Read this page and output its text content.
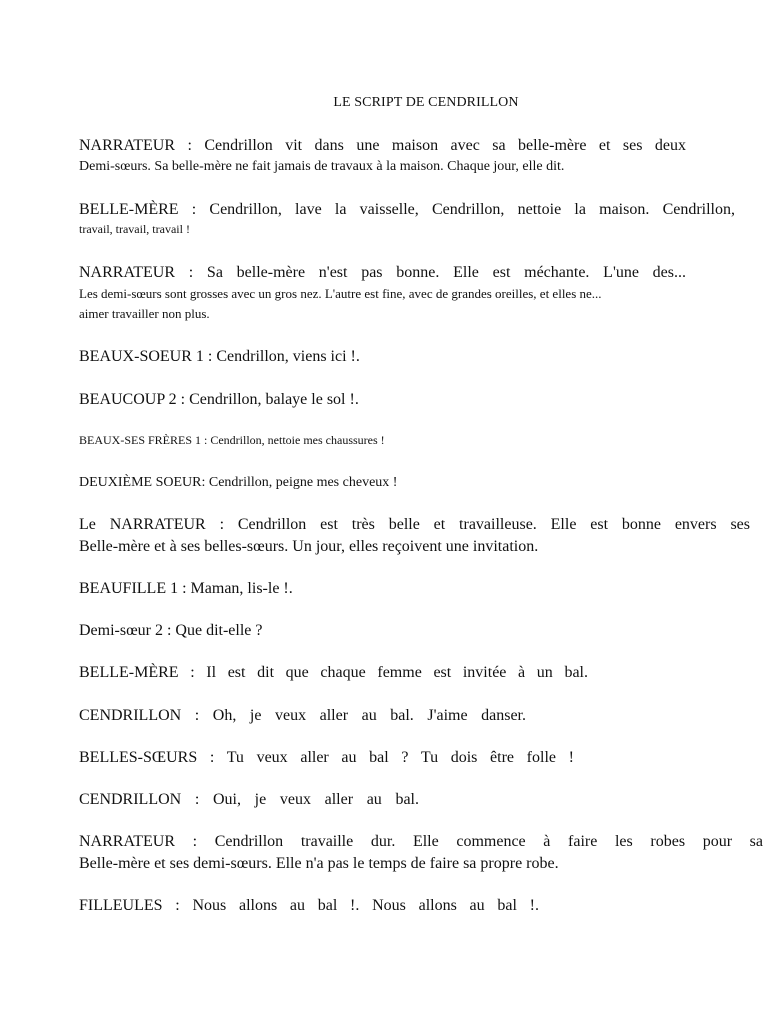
LE SCRIPT DE CENDRILLON
NARRATEUR : Cendrillon vit dans une maison avec sa belle-mère et ses deux
Demi-sœurs. Sa belle-mère ne fait jamais de travaux à la maison. Chaque jour, elle dit.
BELLE-MÈRE : Cendrillon, lave la vaisselle, Cendrillon, nettoie la maison. Cendrillon,
travail, travail, travail !
NARRATEUR : Sa belle-mère n'est pas bonne. Elle est méchante. L'une des...
Les demi-sœurs sont grosses avec un gros nez. L'autre est fine, avec de grandes oreilles, et elles ne...
aimer travailler non plus.
BEAUX-SOEUR 1 : Cendrillon, viens ici !.
BEAUCOUP 2 : Cendrillon, balaye le sol !.
BEAUX-SES FRÈRES 1 : Cendrillon, nettoie mes chaussures !
DEUXIÈME SOEUR: Cendrillon, peigne mes cheveux !
Le NARRATEUR : Cendrillon est très belle et travailleuse. Elle est bonne envers ses
Belle-mère et à ses belles-sœurs. Un jour, elles reçoivent une invitation.
BEAUFILLE 1 : Maman, lis-le !.
Demi-sœur 2 : Que dit-elle ?
BELLE-MÈRE : Il est dit que chaque femme est invitée à un bal.
CENDRILLON : Oh, je veux aller au bal. J'aime danser.
BELLES-SŒURS : Tu veux aller au bal ? Tu dois être folle !
CENDRILLON : Oui, je veux aller au bal.
NARRATEUR : Cendrillon travaille dur. Elle commence à faire les robes pour sa
Belle-mère et ses demi-sœurs. Elle n'a pas le temps de faire sa propre robe.
FILLEULES : Nous allons au bal !. Nous allons au bal !.
